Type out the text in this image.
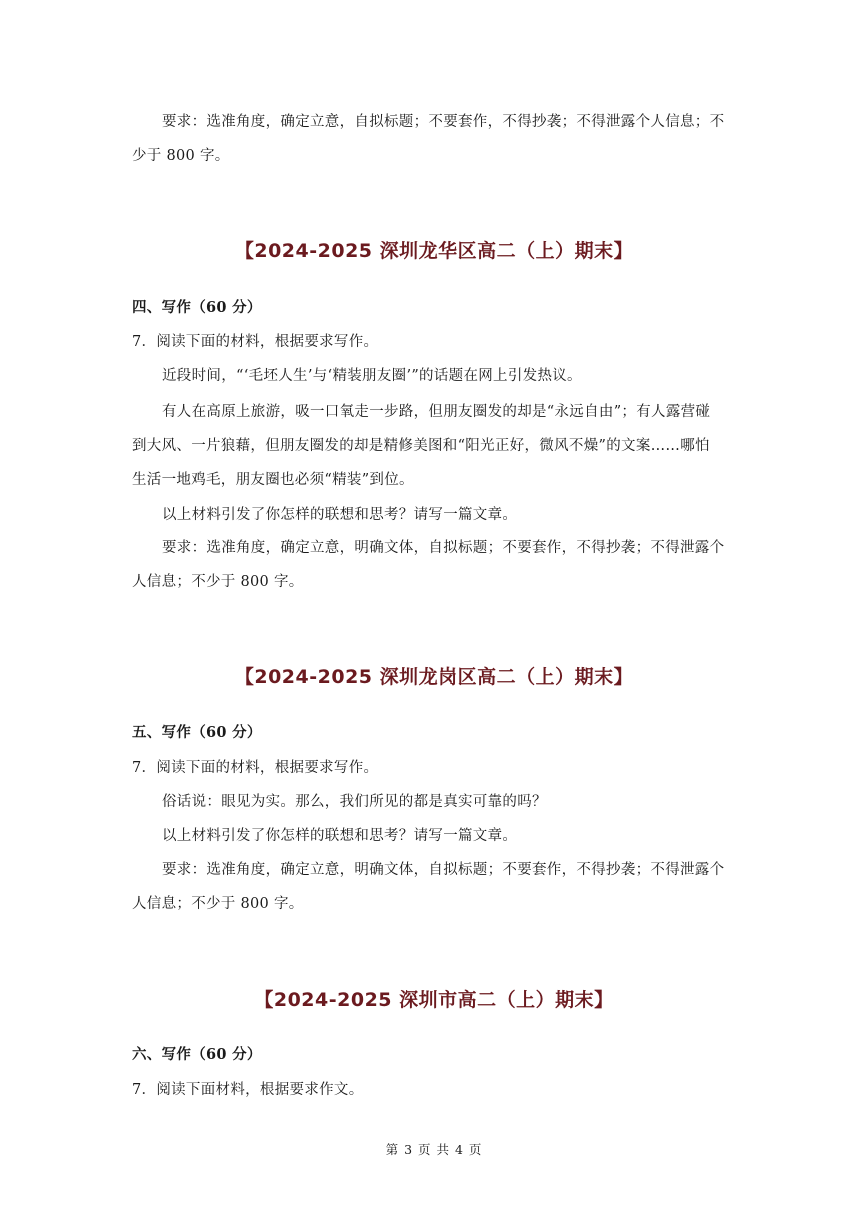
要求：选准角度，确定立意，自拟标题；不要套作，不得抄袭；不得泄露个人信息；不
少于 800 字。
【2024-2025 深圳龙华区高二（上）期末】
四、写作（60 分）
7．阅读下面的材料，根据要求写作。
近段时间，“‘毛坯人生’与‘精装朋友圈’”的话题在网上引发热议。
有人在高原上旅游，吸一口氧走一步路，但朋友圈发的却是“永远自由”；有人露营碰
到大风、一片狼藉，但朋友圈发的却是精修美图和“阳光正好，微风不燥”的文案……哪怕
生活一地鸡毛，朋友圈也必须“精装”到位。
以上材料引发了你怎样的联想和思考？请写一篇文章。
要求：选准角度，确定立意，明确文体，自拟标题；不要套作，不得抄袭；不得泄露个
人信息；不少于 800 字。
【2024-2025 深圳龙岗区高二（上）期末】
五、写作（60 分）
7．阅读下面的材料，根据要求写作。
俗话说：眼见为实。那么，我们所见的都是真实可靠的吗？
以上材料引发了你怎样的联想和思考？请写一篇文章。
要求：选准角度，确定立意，明确文体，自拟标题；不要套作，不得抄袭；不得泄露个
人信息；不少于 800 字。
【2024-2025 深圳市高二（上）期末】
六、写作（60 分）
7．阅读下面材料，根据要求作文。
第 3 页 共 4 页
